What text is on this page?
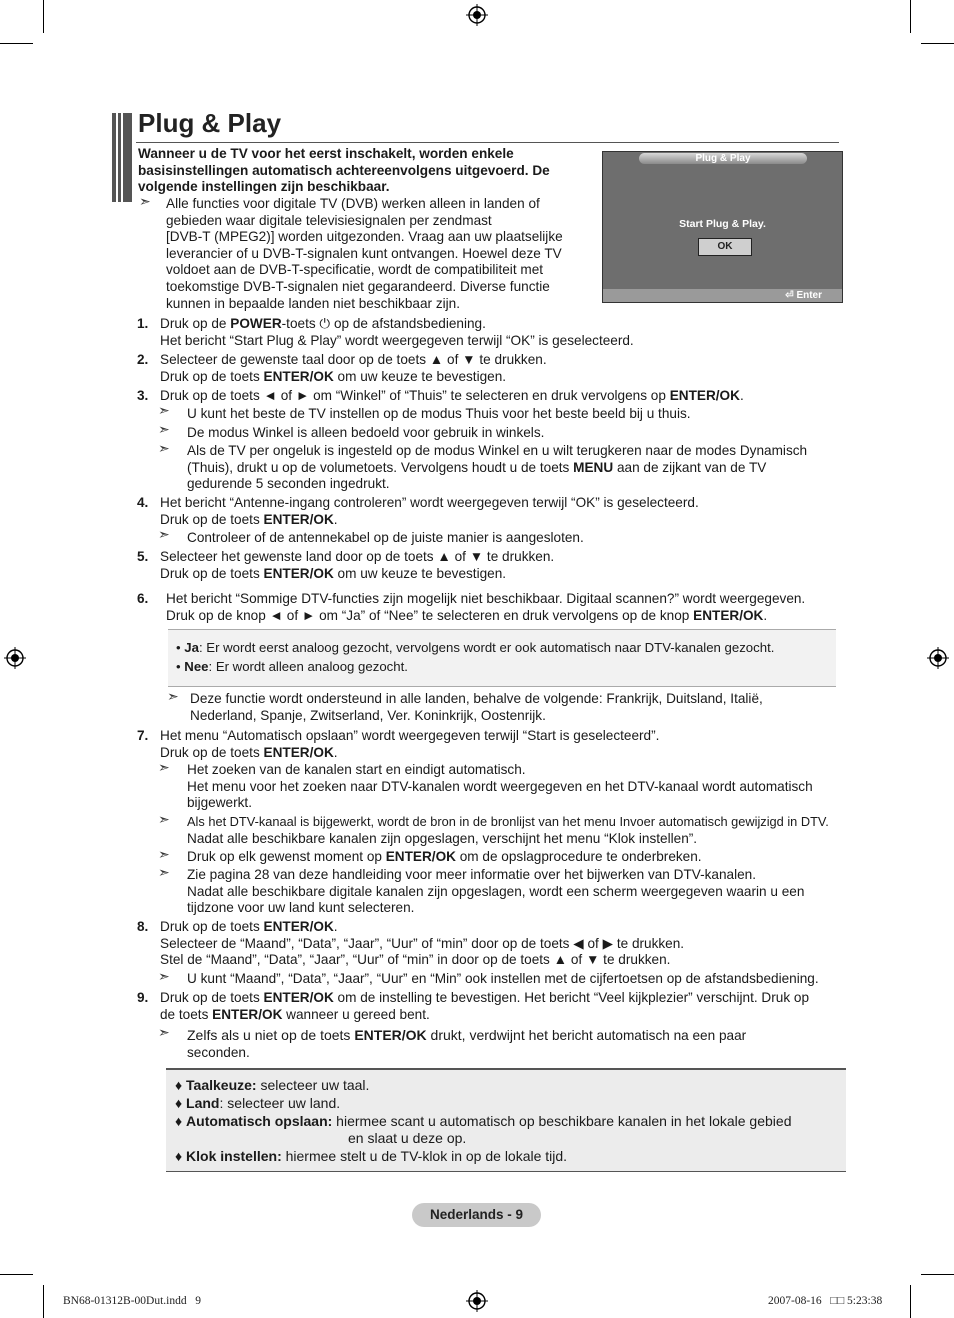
Plug & Play
Wanneer u de TV voor het eerst inschakelt, worden enkele basisinstellingen automatisch achtereenvolgens uitgevoerd. De volgende instellingen zijn beschikbaar.
➣ Alle functies voor digitale TV (DVB) werken alleen in landen of
gebieden waar digitale televisiesignalen per zendmast
[DVB-T (MPEG2)] worden uitgezonden. Vraag aan uw plaatselijke
leverancier of u DVB-T-signalen kunt ontvangen. Hoewel deze TV
voldoet aan de DVB-T-specificatie, wordt de compatibiliteit met
toekomstige DVB-T-signalen niet gegarandeerd. Diverse functie
kunnen in bepaalde landen niet beschikbaar zijn.
Plug & Play
Start Plug & Play.
OK
⏎ Enter
1. Druk op de POWER-toets ⏻ op de afstandsbediening.
Het bericht “Start Plug & Play” wordt weergegeven terwijl “OK” is geselecteerd.
2. Selecteer de gewenste taal door op de toets ▲ of ▼ te drukken.
Druk op de toets ENTER/OK om uw keuze te bevestigen.
3. Druk op de toets ◄ of ► om “Winkel” of “Thuis” te selecteren en druk vervolgens op ENTER/OK.
➣ U kunt het beste de TV instellen op de modus Thuis voor het beste beeld bij u thuis.
➣ De modus Winkel is alleen bedoeld voor gebruik in winkels.
➣ Als de TV per ongeluk is ingesteld op de modus Winkel en u wilt terugkeren naar de modes Dynamisch
(Thuis), drukt u op de volumetoets. Vervolgens houdt u de toets MENU aan de zijkant van de TV
gedurende 5 seconden ingedrukt.
4. Het bericht “Antenne-ingang controleren” wordt weergegeven terwijl “OK” is geselecteerd.
Druk op de toets ENTER/OK.
➣ Controleer of de antennekabel op de juiste manier is aangesloten.
5. Selecteer het gewenste land door op de toets ▲ of ▼ te drukken.
Druk op de toets ENTER/OK om uw keuze te bevestigen.
6. Het bericht “Sommige DTV-functies zijn mogelijk niet beschikbaar. Digitaal scannen?” wordt weergegeven.
Druk op de knop ◄ of ► om “Ja” of “Nee” te selecteren en druk vervolgens op de knop ENTER/OK.
• Ja: Er wordt eerst analoog gezocht, vervolgens wordt er ook automatisch naar DTV-kanalen gezocht.
• Nee: Er wordt alleen analoog gezocht.
➣ Deze functie wordt ondersteund in alle landen, behalve de volgende: Frankrijk, Duitsland, Italië,
Nederland, Spanje, Zwitserland, Ver. Koninkrijk, Oostenrijk.
7. Het menu “Automatisch opslaan” wordt weergegeven terwijl “Start is geselecteerd”.
Druk op de toets ENTER/OK.
➣ Het zoeken van de kanalen start en eindigt automatisch.
Het menu voor het zoeken naar DTV-kanalen wordt weergegeven en het DTV-kanaal wordt automatisch
bijgewerkt.
➣ Als het DTV-kanaal is bijgewerkt, wordt de bron in de bronlijst van het menu Invoer automatisch gewijzigd in DTV.
Nadat alle beschikbare kanalen zijn opgeslagen, verschijnt het menu “Klok instellen”.
➣ Druk op elk gewenst moment op ENTER/OK om de opslagprocedure te onderbreken.
➣ Zie pagina 28 van deze handleiding voor meer informatie over het bijwerken van DTV-kanalen.
Nadat alle beschikbare digitale kanalen zijn opgeslagen, wordt een scherm weergegeven waarin u een
tijdzone voor uw land kunt selecteren.
8. Druk op de toets ENTER/OK.
Selecteer de “Maand”, “Data”, “Jaar”, “Uur” of “min” door op de toets ◀ of ▶ te drukken.
Stel de “Maand”, “Data”, “Jaar”, “Uur” of “min” in door op de toets ▲ of ▼ te drukken.
➣ U kunt “Maand”, “Data”, “Jaar”, “Uur” en “Min” ook instellen met de cijfertoetsen op de afstandsbediening.
9. Druk op de toets ENTER/OK om de instelling te bevestigen. Het bericht “Veel kijkplezier” verschijnt. Druk op
de toets ENTER/OK wanneer u gereed bent.
➣ Zelfs als u niet op de toets ENTER/OK drukt, verdwijnt het bericht automatisch na een paar
seconden.
♦ Taalkeuze: selecteer uw taal.
♦ Land: selecteer uw land.
♦ Automatisch opslaan: hiermee scant u automatisch op beschikbare kanalen in het lokale gebied
en slaat u deze op.
♦ Klok instellen: hiermee stelt u de TV-klok in op de lokale tijd.
Nederlands - 9
BN68-01312B-00Dut.indd   9	2007-08-16   □□ 5:23:38
